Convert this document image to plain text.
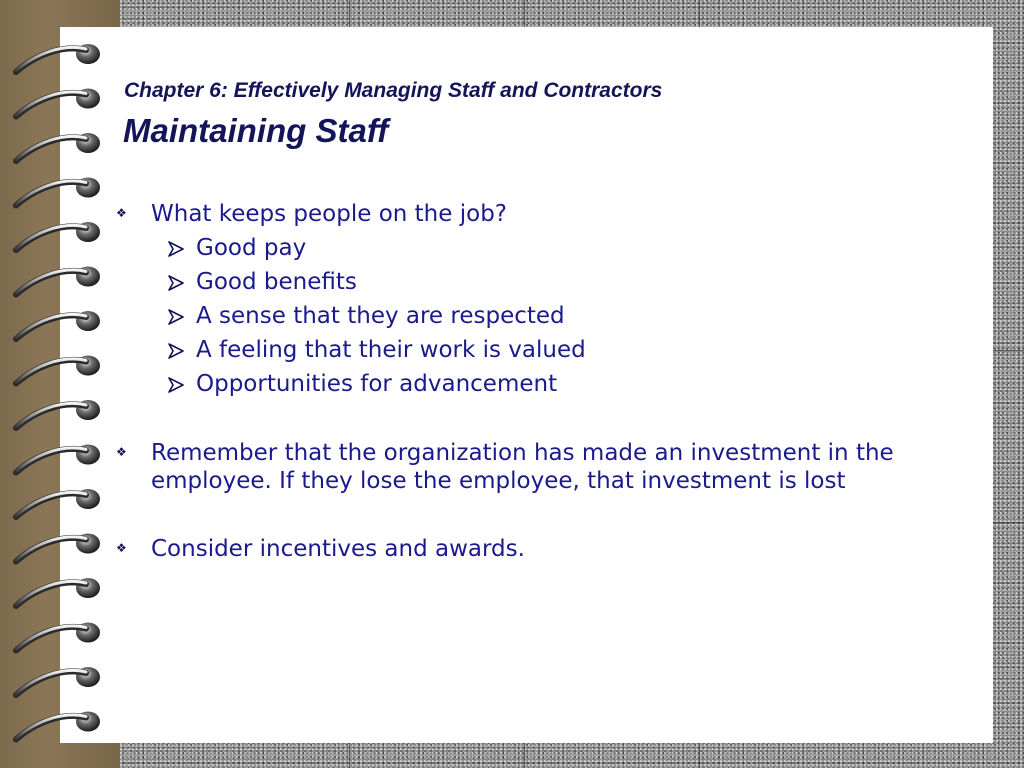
Chapter 6: Effectively Managing Staff and Contractors
Maintaining Staff
❖ What keeps people on the job?
Good pay
Good benefits
A sense that they are respected
A feeling that their work is valued
Opportunities for advancement
❖ Remember that the organization has made an investment in the employee. If they lose the employee, that investment is lost
❖ Consider incentives and awards.
